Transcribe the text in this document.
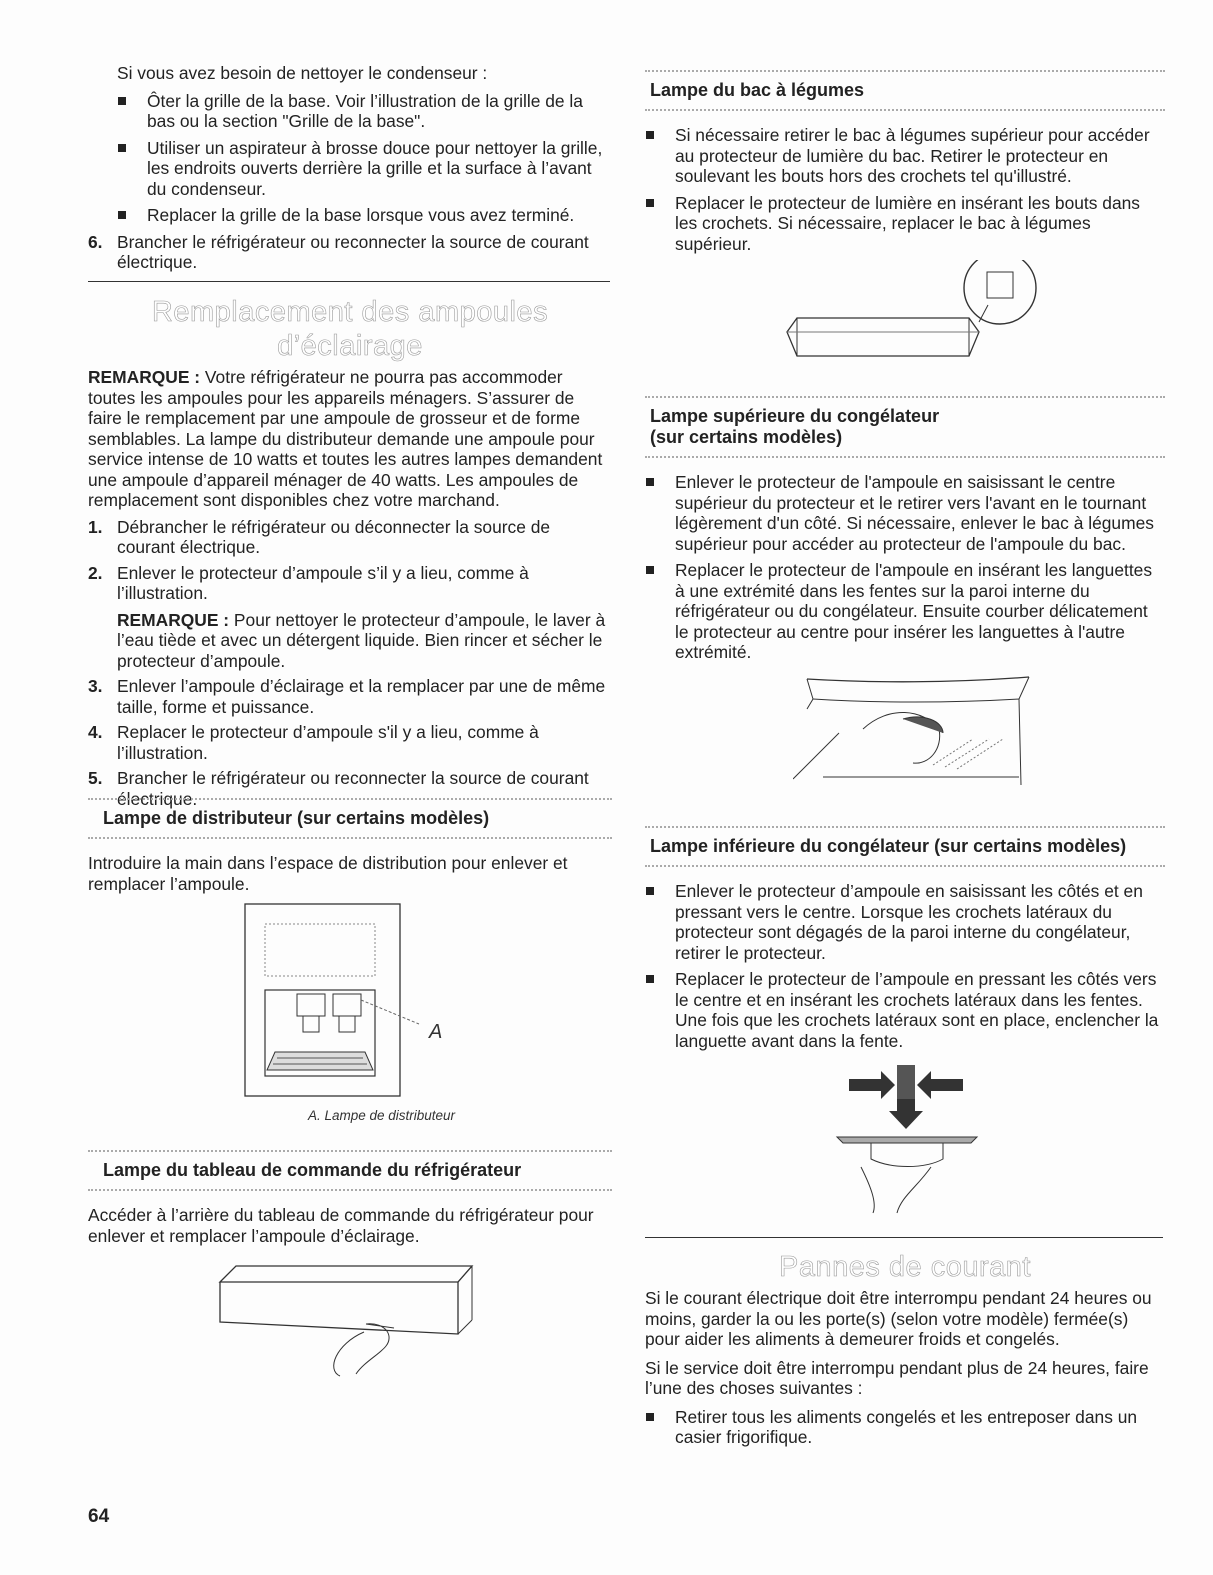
Si vous avez besoin de nettoyer le condenseur :

Ôter la grille de la base. Voir l’illustration de la grille de la bas ou la section "Grille de la base".
Utiliser un aspirateur à brosse douce pour nettoyer la grille, les endroits ouverts derrière la grille et la surface à l’avant du condenseur.
Replacer la grille de la base lorsque vous avez terminé.
6. Brancher le réfrigérateur ou reconnecter la source de courant électrique.
Remplacement des ampoules d’éclairage

REMARQUE : Votre réfrigérateur ne pourra pas accommoder toutes les ampoules pour les appareils ménagers. S’assurer de faire le remplacement par une ampoule de grosseur et de forme semblables. La lampe du distributeur demande une ampoule pour service intense de 10 watts et toutes les autres lampes demandent une ampoule d’appareil ménager de 40 watts. Les ampoules de remplacement sont disponibles chez votre marchand.

1. Débrancher le réfrigérateur ou déconnecter la source de courant électrique.
2. Enlever le protecteur d’ampoule s’il y a lieu, comme à l’illustration.

REMARQUE : Pour nettoyer le protecteur d’ampoule, le laver à l’eau tiède et avec un détergent liquide. Bien rincer et sécher le protecteur d’ampoule.

3. Enlever l’ampoule d’éclairage et la remplacer par une de même taille, forme et puissance.
4. Replacer le protecteur d’ampoule s'il y a lieu, comme à l’illustration.
5. Brancher le réfrigérateur ou reconnecter la source de courant électrique.
Lampe de distributeur (sur certains modèles)

Introduire la main dans l’espace de distribution pour enlever et remplacer l’ampoule.

A
A. Lampe de distributeur
Lampe du tableau de commande du réfrigérateur

Accéder à l’arrière du tableau de commande du réfrigérateur pour enlever et remplacer l’ampoule d’éclairage.

Lampe du bac à légumes
Si nécessaire retirer le bac à légumes supérieur pour accéder au protecteur de lumière du bac. Retirer le protecteur en soulevant les bouts hors des crochets tel qu'illustré.
Replacer le protecteur de lumière en insérant les bouts dans les crochets. Si nécessaire, replacer le bac à légumes supérieur.
Lampe supérieure du congélateur
(sur certains modèles)
Enlever le protecteur de l'ampoule en saisissant le centre supérieur du protecteur et le retirer vers l'avant en le tournant légèrement d'un côté. Si nécessaire, enlever le bac à légumes supérieur pour accéder au protecteur de l'ampoule du bac.
Replacer le protecteur de l'ampoule en insérant les languettes à une extrémité dans les fentes sur la paroi interne du réfrigérateur ou du congélateur. Ensuite courber délicatement le protecteur au centre pour insérer les languettes à l'autre extrémité.
Lampe inférieure du congélateur (sur certains modèles)
Enlever le protecteur d’ampoule en saisissant les côtés et en pressant vers le centre. Lorsque les crochets latéraux du protecteur sont dégagés de la paroi interne du congélateur, retirer le protecteur.
Replacer le protecteur de l’ampoule en pressant les côtés vers le centre et en insérant les crochets latéraux dans les fentes. Une fois que les crochets latéraux sont en place, enclencher la languette avant dans la fente.
Pannes de courant

Si le courant électrique doit être interrompu pendant 24 heures ou moins, garder la ou les porte(s) (selon votre modèle) fermée(s) pour aider les aliments à demeurer froids et congelés.

Si le service doit être interrompu pendant plus de 24 heures, faire l’une des choses suivantes :

Retirer tous les aliments congelés et les entreposer dans un casier frigorifique.
64
